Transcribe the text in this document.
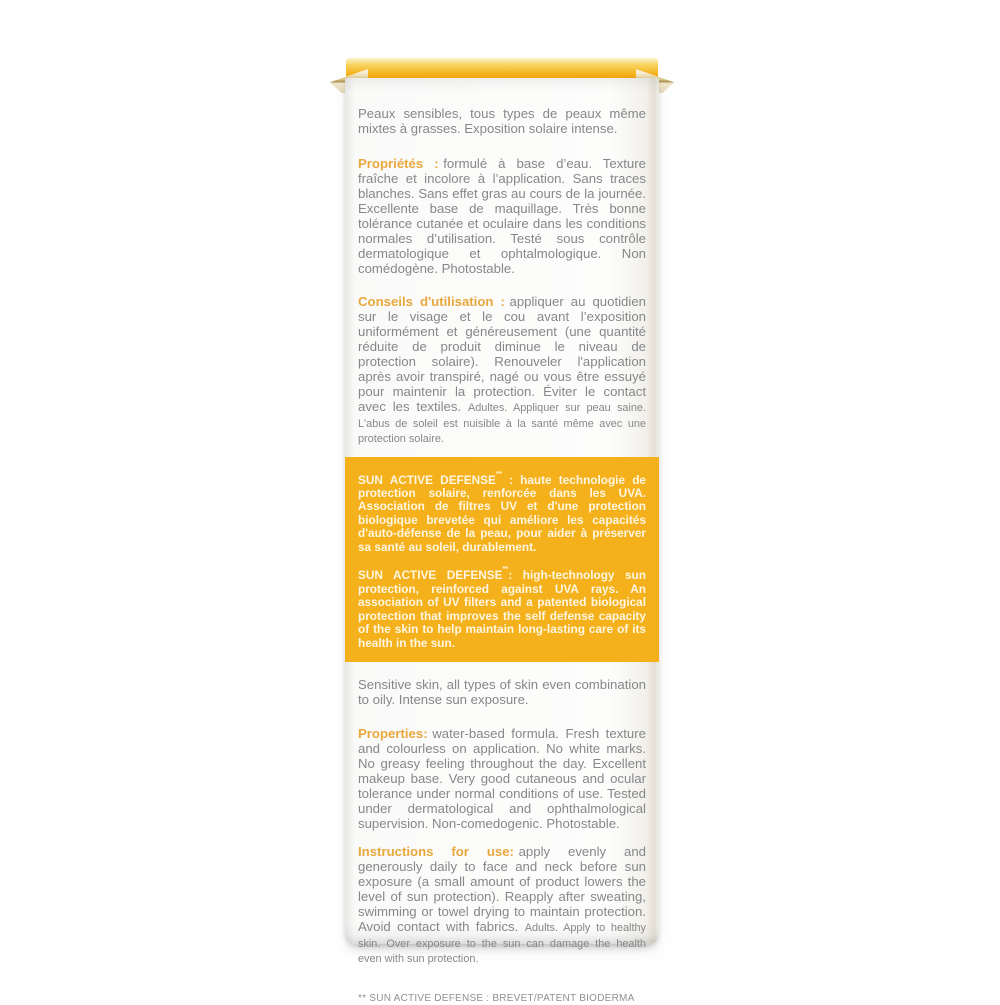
Peaux sensibles, tous types de peaux même mixtes à grasses. Exposition solaire intense.

Propriétés : formulé à base d’eau. Texture fraîche et incolore à l’application. Sans traces blanches. Sans effet gras au cours de la journée. Excellente base de maquillage. Très bonne tolérance cutanée et oculaire dans les conditions normales d’utilisation. Testé sous contrôle dermatologique et ophtalmologique. Non comédogène. Photostable.

Conseils d'utilisation : appliquer au quotidien sur le visage et le cou avant l’exposition uniformément et généreusement (une quantité réduite de produit diminue le niveau de protection solaire). Renouveler l'application après avoir transpiré, nagé ou vous être essuyé pour maintenir la protection. Éviter le contact avec les textiles. Adultes. Appliquer sur peau saine. L'abus de soleil est nuisible à la santé même avec une protection solaire.

SUN ACTIVE DEFENSE** : haute technologie de protection solaire, renforcée dans les UVA. Association de filtres UV et d'une protection biologique brevetée qui améliore les capacités d'auto-défense de la peau, pour aider à préserver sa santé au soleil, durablement.

SUN ACTIVE DEFENSE**: high-technology sun protection, reinforced against UVA rays. An association of UV filters and a patented biological protection that improves the self defense capacity of the skin to help maintain long-lasting care of its health in the sun.

Sensitive skin, all types of skin even combination to oily. Intense sun exposure.

Properties: water-based formula. Fresh texture and colourless on application. No white marks. No greasy feeling throughout the day. Excellent makeup base. Very good cutaneous and ocular tolerance under normal conditions of use. Tested under dermatological and ophthalmological supervision. Non-comedogenic. Photostable.

Instructions for use: apply evenly and generously daily to face and neck before sun exposure (a small amount of product lowers the level of sun protection). Reapply after sweating, swimming or towel drying to maintain protection. Avoid contact with fabrics. Adults. Apply to healthy skin. Over exposure to the sun can damage the health even with sun protection.

** SUN ACTIVE DEFENSE : BREVET/PATENT BIODERMA
